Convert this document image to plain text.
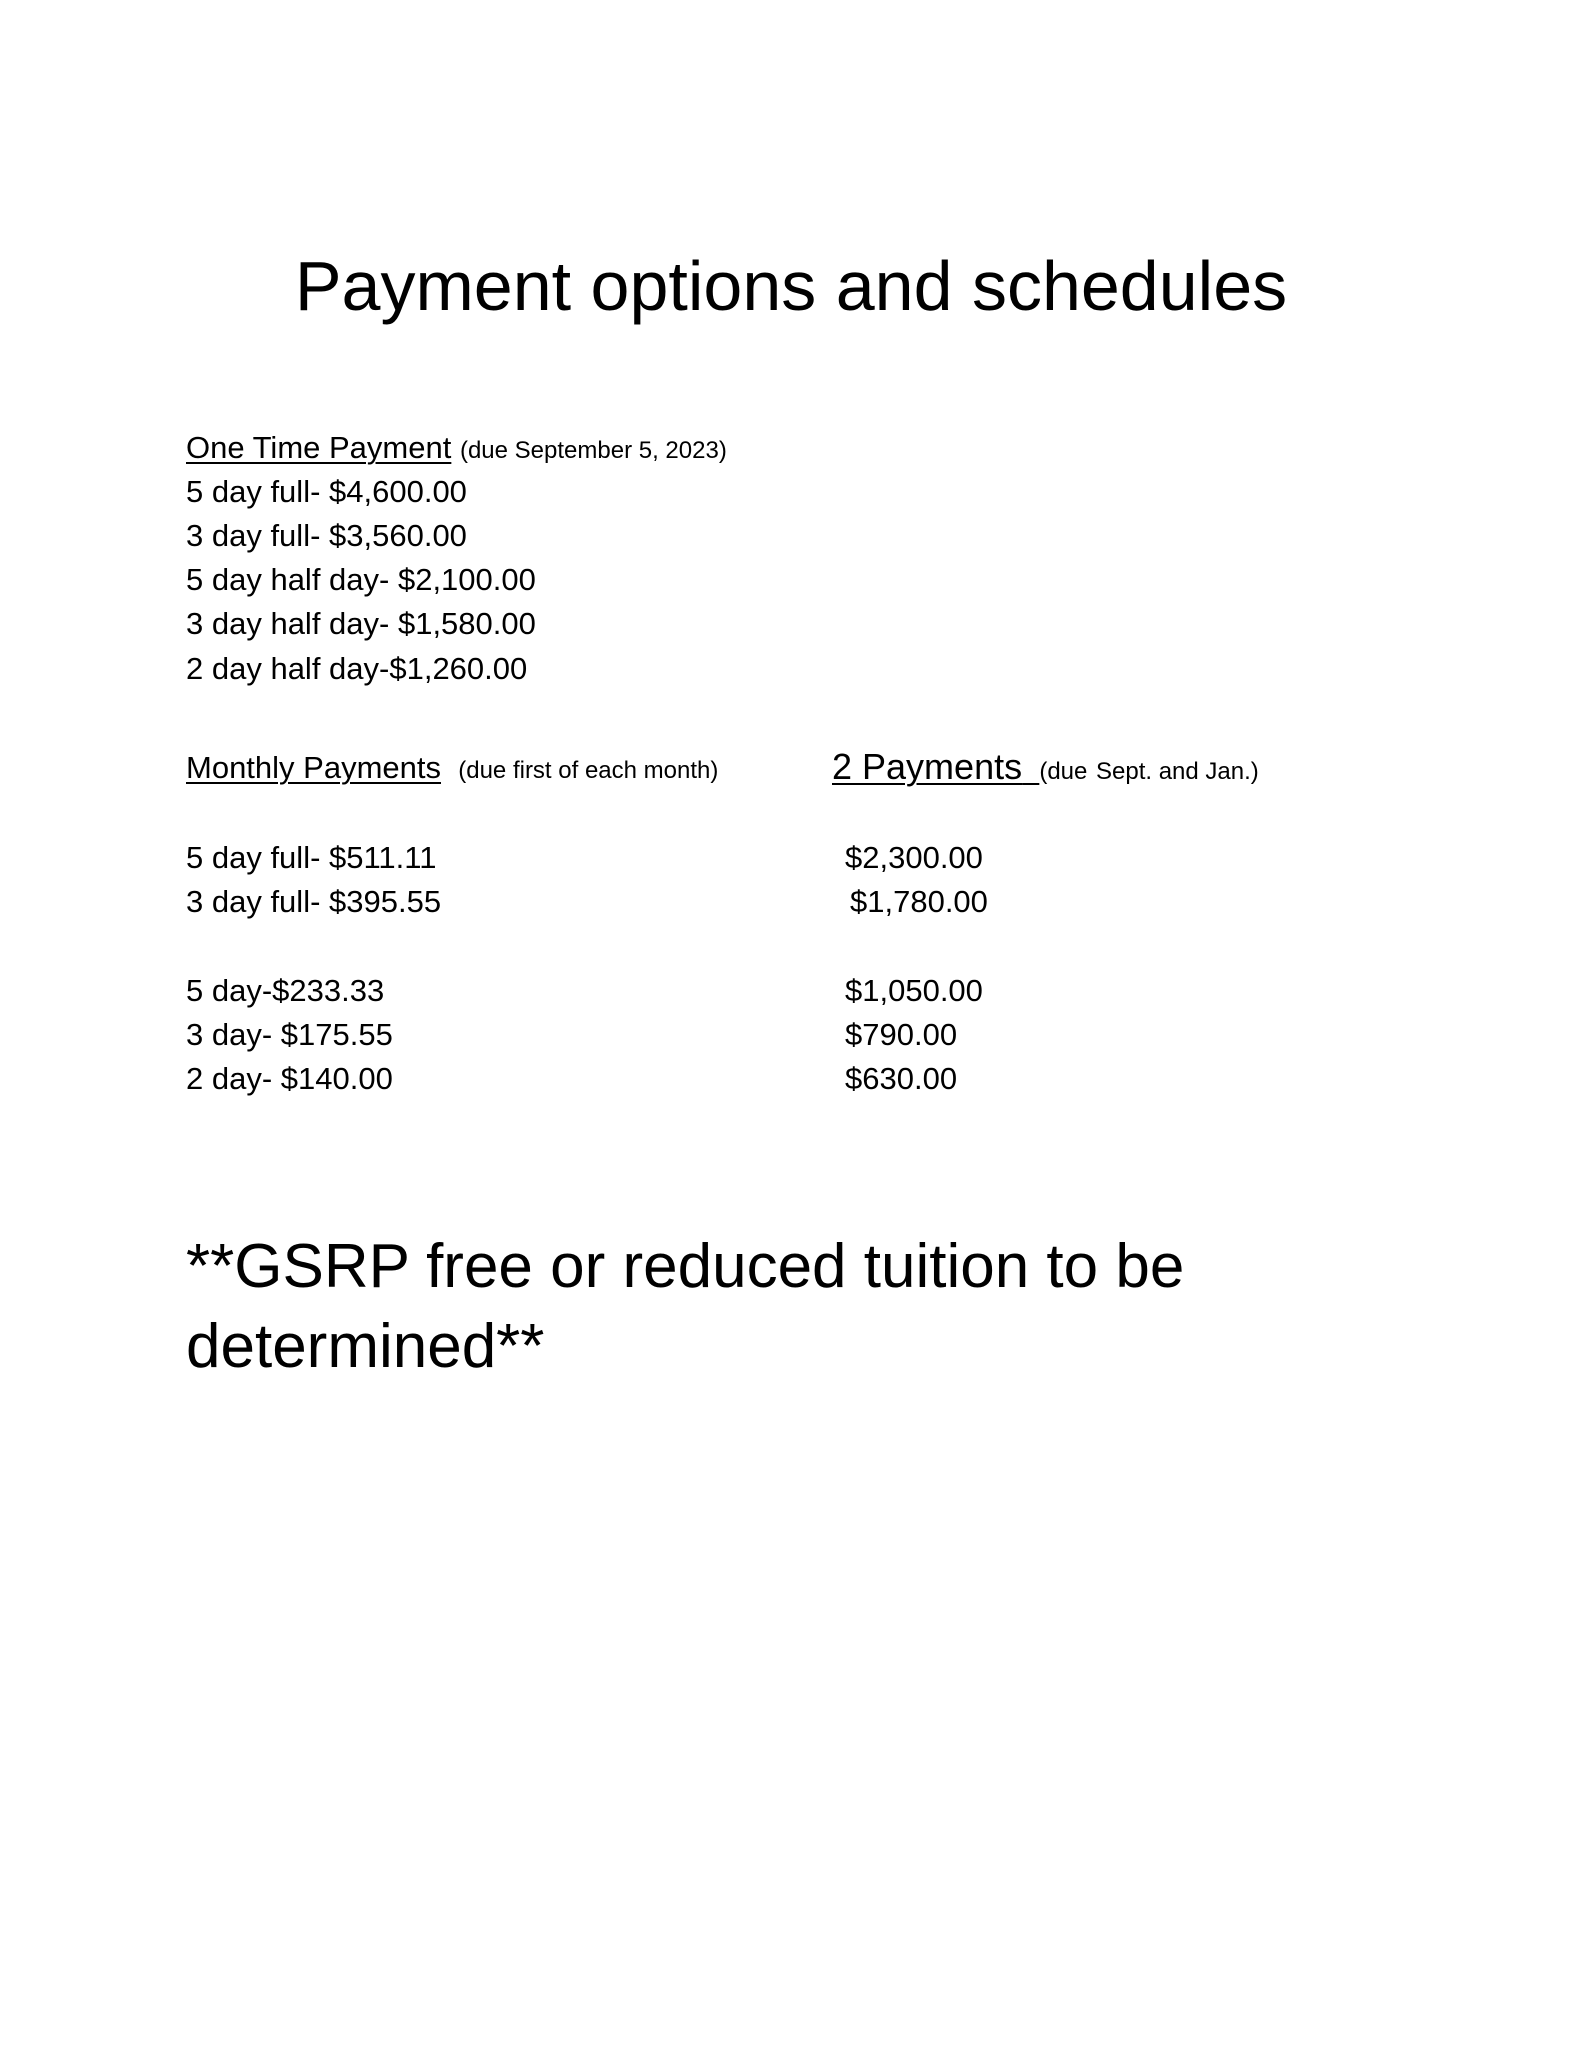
Payment options and schedules
One Time Payment (due September 5, 2023)
5 day full- $4,600.00
3 day full- $3,560.00
5 day half day- $2,100.00
3 day half day- $1,580.00
2 day half day-$1,260.00
Monthly Payments (due first of each month)	2 Payments (due Sept. and Jan.)
5 day full- $511.11
3 day full- $395.55
5 day-$233.33
3 day- $175.55
2 day- $140.00
$2,300.00
$1,780.00
$1,050.00
$790.00
$630.00
**GSRP free or reduced tuition to be determined**
